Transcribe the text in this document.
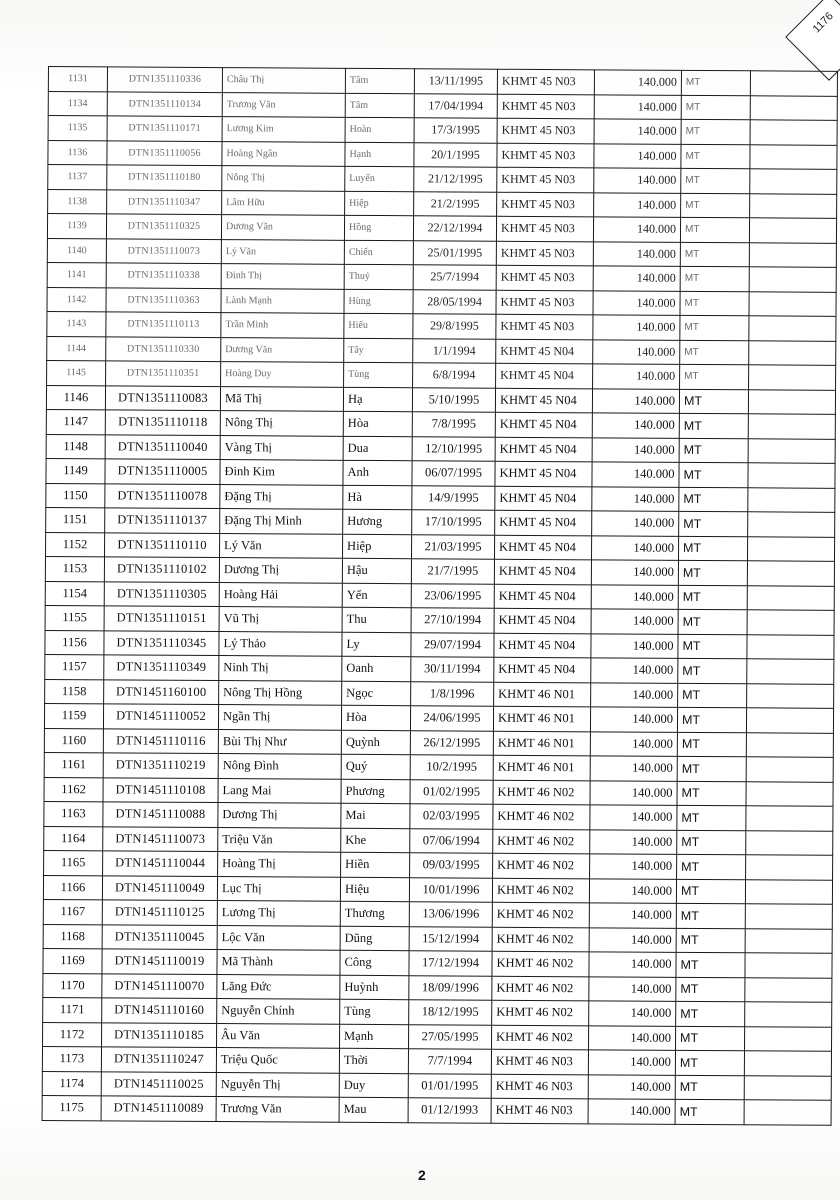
1176
1131	DTN1351110336	Châu Thị	Tâm	13/11/1995	KHMT 45 N03	140.000	MT	
1134	DTN1351110134	Trương Văn	Tâm	17/04/1994	KHMT 45 N03	140.000	MT	
1135	DTN1351110171	Lương Kim	Hoàn	17/3/1995	KHMT 45 N03	140.000	MT	
1136	DTN1351110056	Hoàng Ngân	Hạnh	20/1/1995	KHMT 45 N03	140.000	MT	
1137	DTN1351110180	Nông Thị	Luyến	21/12/1995	KHMT 45 N03	140.000	MT	
1138	DTN1351110347	Lâm Hữu	Hiệp	21/2/1995	KHMT 45 N03	140.000	MT	
1139	DTN1351110325	Dương Văn	Hồng	22/12/1994	KHMT 45 N03	140.000	MT	
1140	DTN1351110073	Lý Văn	Chiến	25/01/1995	KHMT 45 N03	140.000	MT	
1141	DTN1351110338	Đinh Thị	Thuỷ	25/7/1994	KHMT 45 N03	140.000	MT	
1142	DTN1351110363	Lành Mạnh	Hùng	28/05/1994	KHMT 45 N03	140.000	MT	
1143	DTN1351110113	Trần Minh	Hiếu	29/8/1995	KHMT 45 N03	140.000	MT	
1144	DTN1351110330	Dương Văn	Tây	1/1/1994	KHMT 45 N04	140.000	MT	
1145	DTN1351110351	Hoàng Duy	Tùng	6/8/1994	KHMT 45 N04	140.000	MT	
1146	DTN1351110083	Mã Thị	Hạ	5/10/1995	KHMT 45 N04	140.000	MT	
1147	DTN1351110118	Nông Thị	Hòa	7/8/1995	KHMT 45 N04	140.000	MT	
1148	DTN1351110040	Vàng Thị	Dua	12/10/1995	KHMT 45 N04	140.000	MT	
1149	DTN1351110005	Đinh Kim	Anh	06/07/1995	KHMT 45 N04	140.000	MT	
1150	DTN1351110078	Đặng Thị	Hà	14/9/1995	KHMT 45 N04	140.000	MT	
1151	DTN1351110137	Đặng Thị Minh	Hương	17/10/1995	KHMT 45 N04	140.000	MT	
1152	DTN1351110110	Lý Văn	Hiệp	21/03/1995	KHMT 45 N04	140.000	MT	
1153	DTN1351110102	Dương Thị	Hậu	21/7/1995	KHMT 45 N04	140.000	MT	
1154	DTN1351110305	Hoàng Hải	Yến	23/06/1995	KHMT 45 N04	140.000	MT	
1155	DTN1351110151	Vũ Thị	Thu	27/10/1994	KHMT 45 N04	140.000	MT	
1156	DTN1351110345	Lý Thảo	Ly	29/07/1994	KHMT 45 N04	140.000	MT	
1157	DTN1351110349	Ninh Thị	Oanh	30/11/1994	KHMT 45 N04	140.000	MT	
1158	DTN1451160100	Nông Thị Hồng	Ngọc	1/8/1996	KHMT 46 N01	140.000	MT	
1159	DTN1451110052	Ngần Thị	Hòa	24/06/1995	KHMT 46 N01	140.000	MT	
1160	DTN1451110116	Bùi Thị Như	Quỳnh	26/12/1995	KHMT 46 N01	140.000	MT	
1161	DTN1351110219	Nông Đình	Quý	10/2/1995	KHMT 46 N01	140.000	MT	
1162	DTN1451110108	Lang Mai	Phương	01/02/1995	KHMT 46 N02	140.000	MT	
1163	DTN1451110088	Dương Thị	Mai	02/03/1995	KHMT 46 N02	140.000	MT	
1164	DTN1451110073	Triệu Văn	Khe	07/06/1994	KHMT 46 N02	140.000	MT	
1165	DTN1451110044	Hoàng Thị	Hiền	09/03/1995	KHMT 46 N02	140.000	MT	
1166	DTN1451110049	Lục Thị	Hiệu	10/01/1996	KHMT 46 N02	140.000	MT	
1167	DTN1451110125	Lương Thị	Thương	13/06/1996	KHMT 46 N02	140.000	MT	
1168	DTN1351110045	Lộc Văn	Dũng	15/12/1994	KHMT 46 N02	140.000	MT	
1169	DTN1451110019	Mã Thành	Công	17/12/1994	KHMT 46 N02	140.000	MT	
1170	DTN1451110070	Lăng Đức	Huỳnh	18/09/1996	KHMT 46 N02	140.000	MT	
1171	DTN1451110160	Nguyễn Chính	Tùng	18/12/1995	KHMT 46 N02	140.000	MT	
1172	DTN1351110185	Âu Văn	Mạnh	27/05/1995	KHMT 46 N02	140.000	MT	
1173	DTN1351110247	Triệu Quốc	Thời	7/7/1994	KHMT 46 N03	140.000	MT	
1174	DTN1451110025	Nguyễn Thị	Duy	01/01/1995	KHMT 46 N03	140.000	MT	
1175	DTN1451110089	Trương Văn	Mau	01/12/1993	KHMT 46 N03	140.000	MT	
2
